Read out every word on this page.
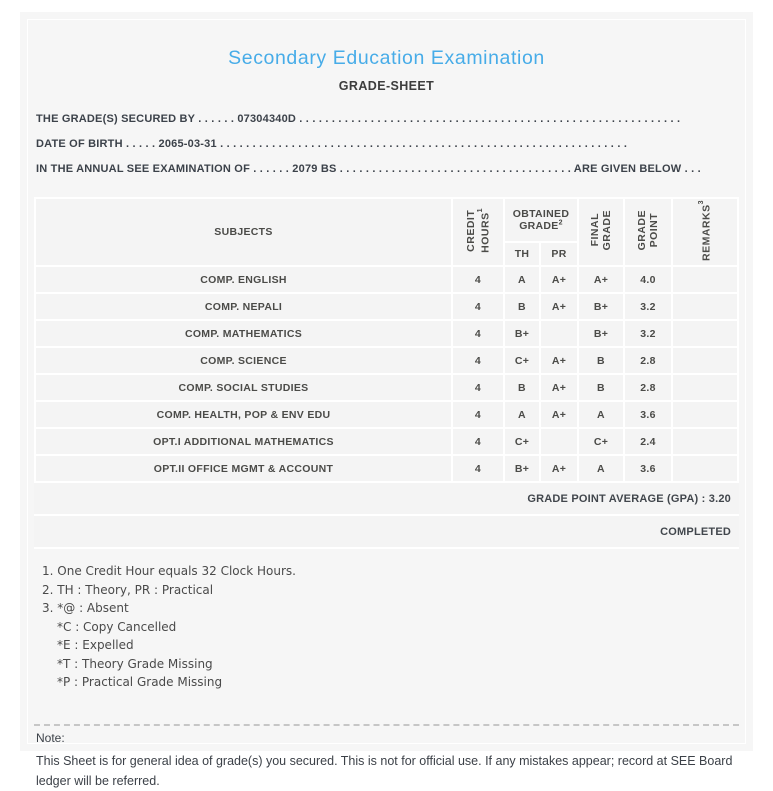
Secondary Education Examination
GRADE-SHEET
THE GRADE(S) SECURED BY . . . . . . 07304340D . . . . . . . . . . . . . . . . . . . . . . . . . . . . . . . . . . . . . . . . . . . . . . . . . . . . . . . . . . .
DATE OF BIRTH . . . . . 2065-03-31 . . . . . . . . . . . . . . . . . . . . . . . . . . . . . . . . . . . . . . . . . . . . . . . . . . . . . . . . . . . . . . .
IN THE ANNUAL SEE EXAMINATION OF . . . . . . 2079 BS . . . . . . . . . . . . . . . . . . . . . . . . . . . . . . . . . . . . ARE GIVEN BELOW . . .
SUBJECTS	CREDIT HOURS$^1$	OBTAINED GRADE$^2$		FINAL GRADE	GRADE POINT	REMARKS$^3$
		TH	PR			
COMP. ENGLISH	4	A	A+	A+	4.0	
COMP. NEPALI	4	B	A+	B+	3.2	
COMP. MATHEMATICS	4	B+		B+	3.2	
COMP. SCIENCE	4	C+	A+	B	2.8	
COMP. SOCIAL STUDIES	4	B	A+	B	2.8	
COMP. HEALTH, POP & ENV EDU	4	A	A+	A	3.6	
OPT.I ADDITIONAL MATHEMATICS	4	C+		C+	2.4	
OPT.II OFFICE MGMT & ACCOUNT	4	B+	A+	A	3.6	
GRADE POINT AVERAGE (GPA) : 3.20
COMPLETED
1. One Credit Hour equals 32 Clock Hours.
2. TH : Theory, PR : Practical
3. *@ : Absent
*C : Copy Cancelled
*E : Expelled
*T : Theory Grade Missing
*P : Practical Grade Missing
Note:
This Sheet is for general idea of grade(s) you secured. This is not for official use. If any mistakes appear; record at SEE Board ledger will be referred.
